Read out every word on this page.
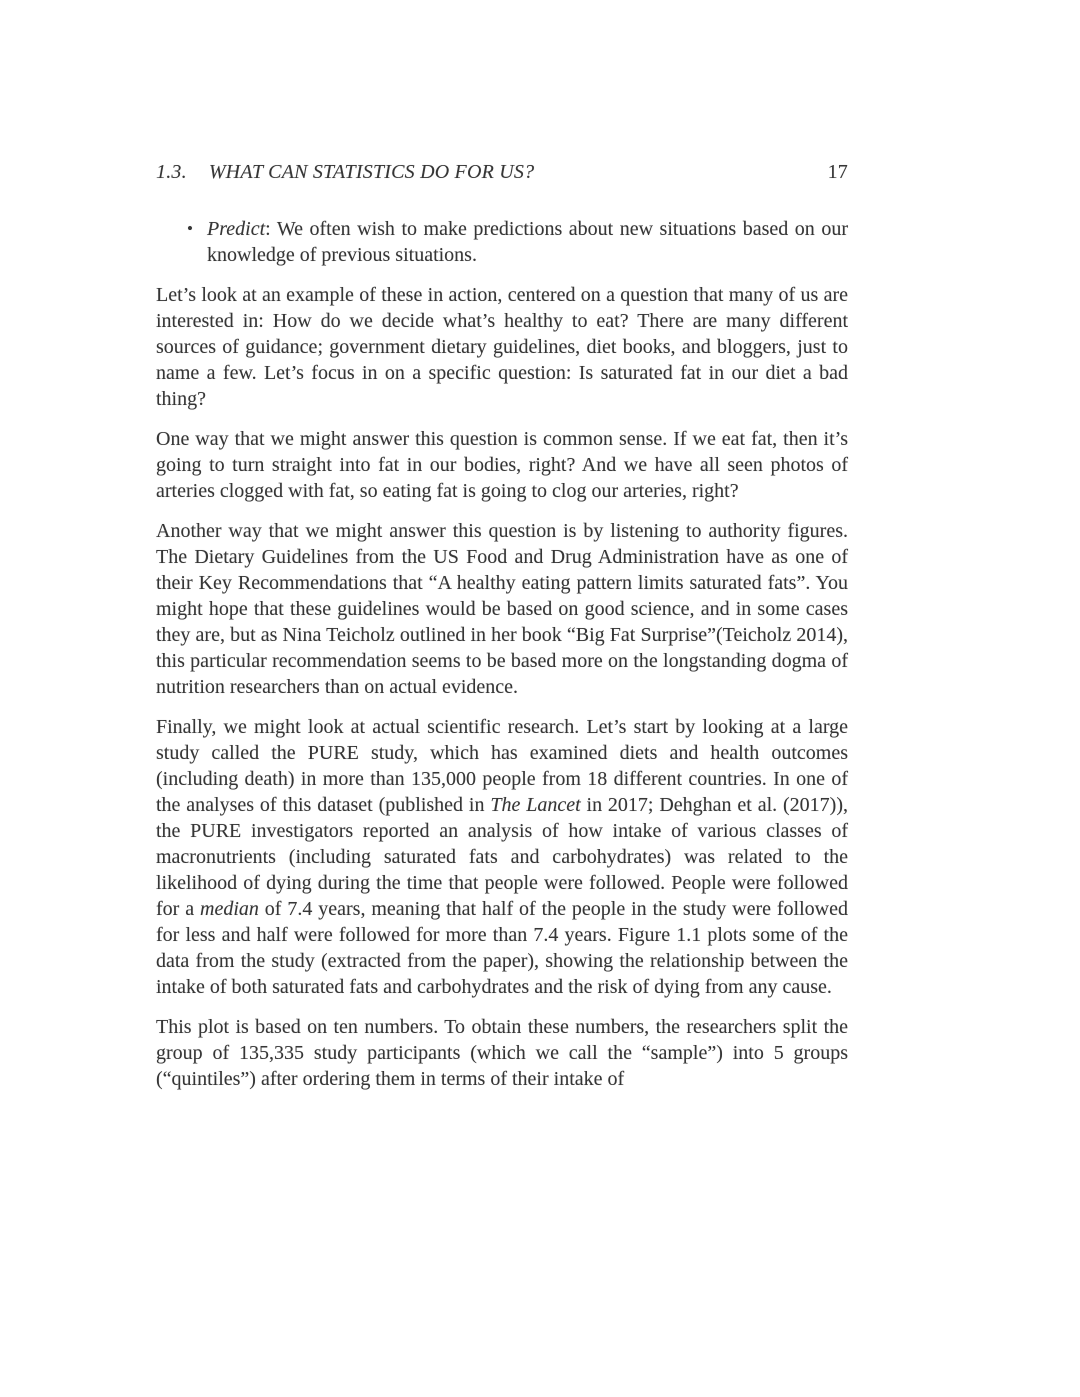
1.3. WHAT CAN STATISTICS DO FOR US?	17
• Predict: We often wish to make predictions about new situations based on our knowledge of previous situations.

Let’s look at an example of these in action, centered on a question that many of us are interested in: How do we decide what’s healthy to eat? There are many different sources of guidance; government dietary guidelines, diet books, and bloggers, just to name a few. Let’s focus in on a specific question: Is saturated fat in our diet a bad thing?

One way that we might answer this question is common sense. If we eat fat, then it’s going to turn straight into fat in our bodies, right? And we have all seen photos of arteries clogged with fat, so eating fat is going to clog our arteries, right?

Another way that we might answer this question is by listening to authority figures. The Dietary Guidelines from the US Food and Drug Administration have as one of their Key Recommendations that “A healthy eating pattern limits saturated fats”. You might hope that these guidelines would be based on good science, and in some cases they are, but as Nina Teicholz outlined in her book “Big Fat Surprise”(Teicholz 2014), this particular recommendation seems to be based more on the longstanding dogma of nutrition researchers than on actual evidence.

Finally, we might look at actual scientific research. Let’s start by looking at a large study called the PURE study, which has examined diets and health outcomes (including death) in more than 135,000 people from 18 different countries. In one of the analyses of this dataset (published in The Lancet in 2017; Dehghan et al. (2017)), the PURE investigators reported an analysis of how intake of various classes of macronutrients (including saturated fats and carbohydrates) was related to the likelihood of dying during the time that people were followed. People were followed for a median of 7.4 years, meaning that half of the people in the study were followed for less and half were followed for more than 7.4 years. Figure 1.1 plots some of the data from the study (extracted from the paper), showing the relationship between the intake of both saturated fats and carbohydrates and the risk of dying from any cause.

This plot is based on ten numbers. To obtain these numbers, the researchers split the group of 135,335 study participants (which we call the “sample”) into 5 groups (“quintiles”) after ordering them in terms of their intake of
